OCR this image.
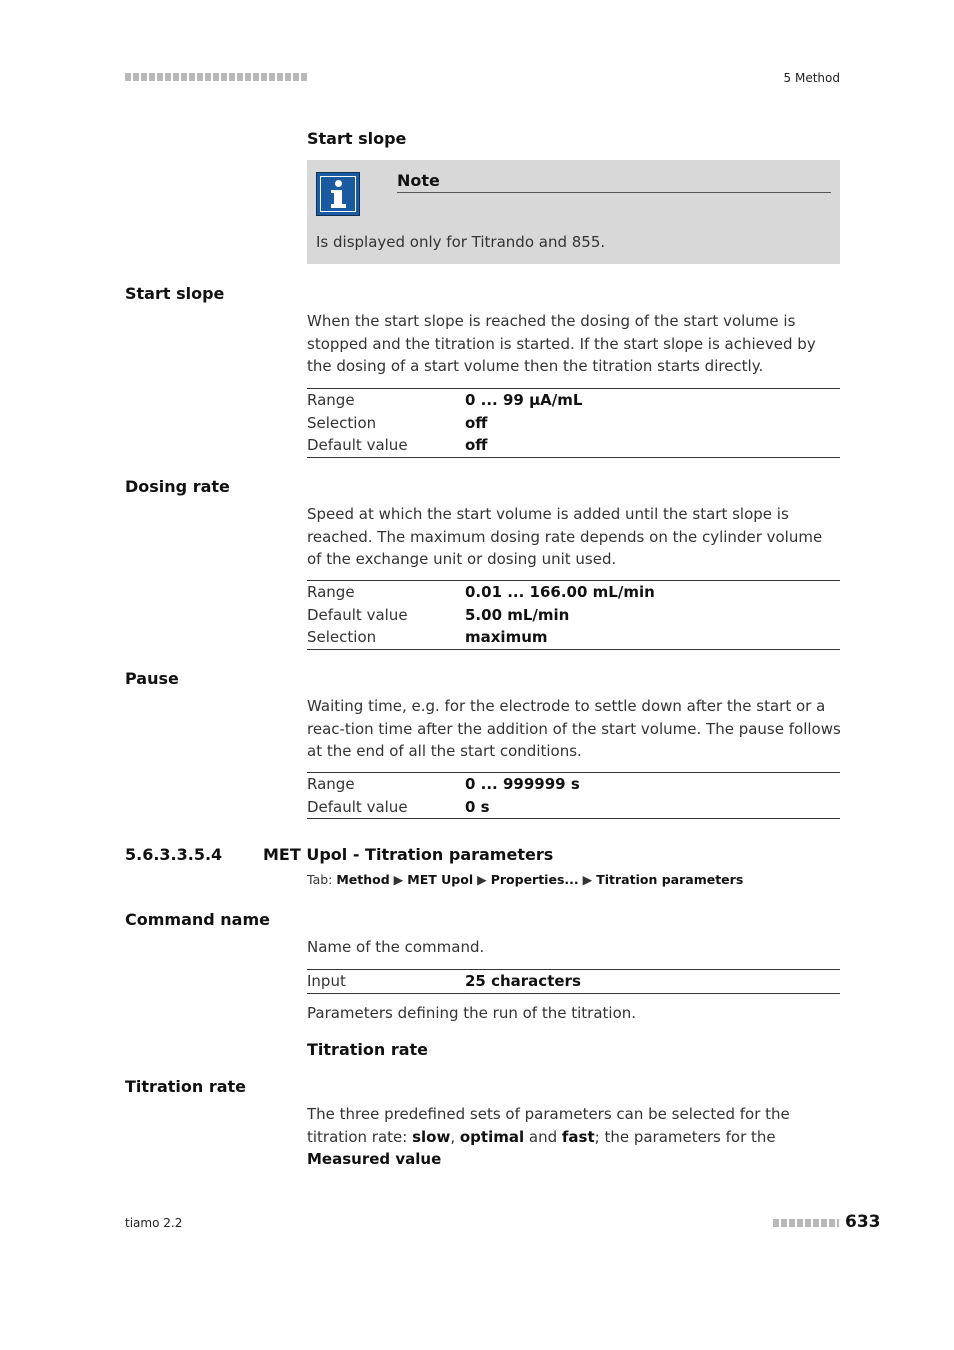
5 Method
Start slope
Note
Is displayed only for Titrando and 855.
Start slope
When the start slope is reached the dosing of the start volume is stopped and the titration is started. If the start slope is achieved by the dosing of a start volume then the titration starts directly.
Range	0 ... 99 µA/mL
Selection	off
Default value	off
Dosing rate
Speed at which the start volume is added until the start slope is reached. The maximum dosing rate depends on the cylinder volume of the exchange unit or dosing unit used.
Range	0.01 ... 166.00 mL/min
Default value	5.00 mL/min
Selection	maximum
Pause
Waiting time, e.g. for the electrode to settle down after the start or a reac-tion time after the addition of the start volume. The pause follows at the end of all the start conditions.
Range	0 ... 999999 s
Default value	0 s
5.6.3.3.5.4	MET Upol - Titration parameters
Tab: Method ▶ MET Upol ▶ Properties... ▶ Titration parameters
Command name
Name of the command.
Input	25 characters
Parameters defining the run of the titration.
Titration rate
Titration rate
The three predefined sets of parameters can be selected for the titration rate: slow, optimal and fast; the parameters for the Measured value
tiamo 2.2	633
